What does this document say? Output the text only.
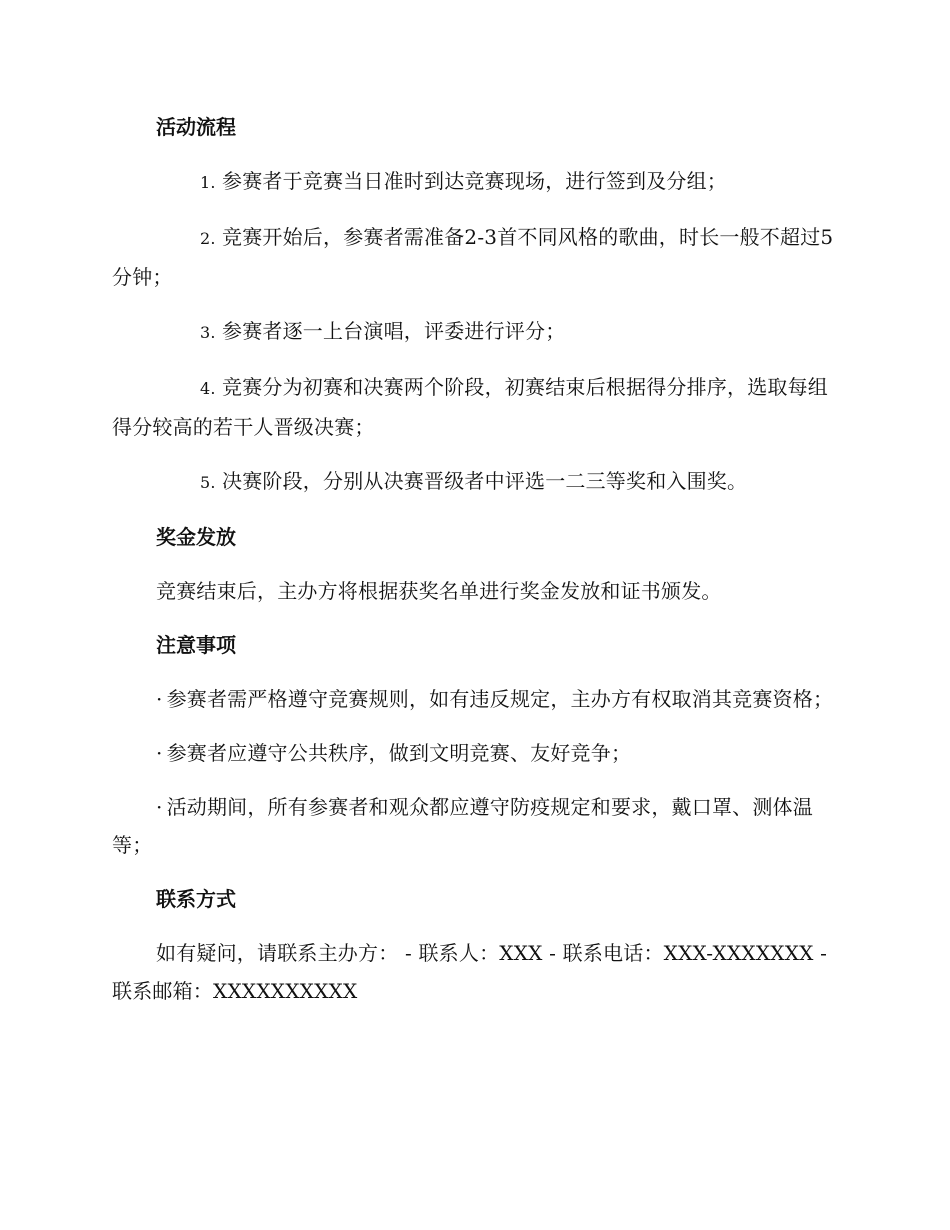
活动流程

1. 参赛者于竞赛当日准时到达竞赛现场，进行签到及分组；

2. 竞赛开始后，参赛者需准备2-3首不同风格的歌曲，时长一般不超过5分钟；

3. 参赛者逐一上台演唱，评委进行评分；

4. 竞赛分为初赛和决赛两个阶段，初赛结束后根据得分排序，选取每组得分较高的若干人晋级决赛；

5. 决赛阶段，分别从决赛晋级者中评选一二三等奖和入围奖。

奖金发放

竞赛结束后，主办方将根据获奖名单进行奖金发放和证书颁发。

注意事项

· 参赛者需严格遵守竞赛规则，如有违反规定，主办方有权取消其竞赛资格；

· 参赛者应遵守公共秩序，做到文明竞赛、友好竞争；

· 活动期间，所有参赛者和观众都应遵守防疫规定和要求，戴口罩、测体温等；

联系方式

如有疑问，请联系主办方： - 联系人：XXX - 联系电话：XXX-XXXXXXX - 联系邮箱：XXXXXXXXXX
